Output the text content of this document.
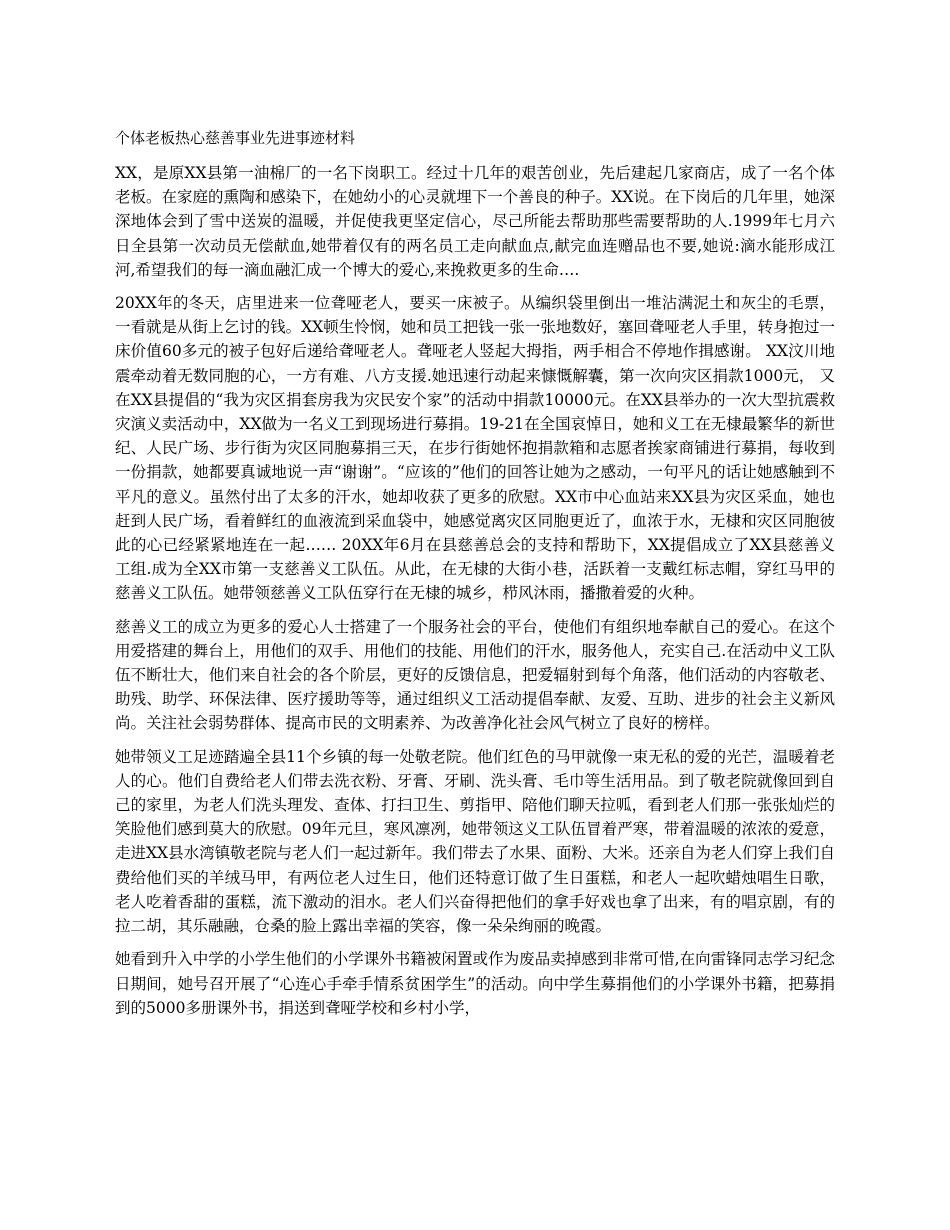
个体老板热心慈善事业先进事迹材料

XX，是原XX县第一油棉厂的一名下岗职工。经过十几年的艰苦创业，先后建起几家商店，成了一名个体老板。在家庭的熏陶和感染下，在她幼小的心灵就埋下一个善良的种子。XX说。在下岗后的几年里，她深深地体会到了雪中送炭的温暖，并促使我更坚定信心，尽己所能去帮助那些需要帮助的人.1999年七月六日全县第一次动员无偿献血,她带着仅有的两名员工走向献血点,献完血连赠品也不要,她说:滴水能形成江河,希望我们的每一滴血融汇成一个博大的爱心,来挽救更多的生命….

20XX年的冬天，店里进来一位聋哑老人，要买一床被子。从编织袋里倒出一堆沾满泥土和灰尘的毛票，一看就是从街上乞讨的钱。XX顿生怜悯，她和员工把钱一张一张地数好，塞回聋哑老人手里，转身抱过一床价值60多元的被子包好后递给聋哑老人。聋哑老人竖起大拇指，两手相合不停地作揖感谢。 XX汶川地震牵动着无数同胞的心，一方有难、八方支援.她迅速行动起来慷慨解囊，第一次向灾区捐款1000元， 又在XX县提倡的“我为灾区捐套房我为灾民安个家”的活动中捐款10000元。在XX县举办的一次大型抗震救灾演义卖活动中，XX做为一名义工到现场进行募捐。19-21在全国哀悼日，她和义工在无棣最繁华的新世纪、人民广场、步行街为灾区同胞募捐三天，在步行街她怀抱捐款箱和志愿者挨家商铺进行募捐，每收到一份捐款，她都要真诚地说一声“谢谢”。“应该的”他们的回答让她为之感动，一句平凡的话让她感触到不平凡的意义。虽然付出了太多的汗水，她却收获了更多的欣慰。XX市中心血站来XX县为灾区采血，她也赶到人民广场，看着鲜红的血液流到采血袋中，她感觉离灾区同胞更近了，血浓于水，无棣和灾区同胞彼此的心已经紧紧地连在一起…… 20XX年6月在县慈善总会的支持和帮助下，XX提倡成立了XX县慈善义工组.成为全XX市第一支慈善义工队伍。从此，在无棣的大街小巷，活跃着一支戴红标志帽，穿红马甲的慈善义工队伍。她带领慈善义工队伍穿行在无棣的城乡，栉风沐雨，播撒着爱的火种。

慈善义工的成立为更多的爱心人士搭建了一个服务社会的平台，使他们有组织地奉献自己的爱心。在这个用爱搭建的舞台上，用他们的双手、用他们的技能、用他们的汗水，服务他人，充实自己.在活动中义工队伍不断壮大，他们来自社会的各个阶层，更好的反馈信息，把爱辐射到每个角落，他们活动的内容敬老、助残、助学、环保法律、医疗援助等等，通过组织义工活动提倡奉献、友爱、互助、进步的社会主义新风尚。关注社会弱势群体、提高市民的文明素养、为改善净化社会风气树立了良好的榜样。

她带领义工足迹踏遍全县11个乡镇的每一处敬老院。他们红色的马甲就像一束无私的爱的光芒，温暖着老人的心。他们自费给老人们带去洗衣粉、牙膏、牙刷、洗头膏、毛巾等生活用品。到了敬老院就像回到自己的家里，为老人们洗头理发、查体、打扫卫生、剪指甲、陪他们聊天拉呱，看到老人们那一张张灿烂的笑脸他们感到莫大的欣慰。09年元旦，寒风凛冽，她带领这义工队伍冒着严寒，带着温暖的浓浓的爱意，走进XX县水湾镇敬老院与老人们一起过新年。我们带去了水果、面粉、大米。还亲自为老人们穿上我们自费给他们买的羊绒马甲，有两位老人过生日，他们还特意订做了生日蛋糕，和老人一起吹蜡烛唱生日歌，老人吃着香甜的蛋糕，流下激动的泪水。老人们兴奋得把他们的拿手好戏也拿了出来，有的唱京剧，有的拉二胡，其乐融融，仓桑的脸上露出幸福的笑容，像一朵朵绚丽的晚霞。

她看到升入中学的小学生他们的小学课外书籍被闲置或作为废品卖掉感到非常可惜,在向雷锋同志学习纪念日期间，她号召开展了“心连心手牵手情系贫困学生”的活动。向中学生募捐他们的小学课外书籍，把募捐到的5000多册课外书，捐送到聋哑学校和乡村小学，
